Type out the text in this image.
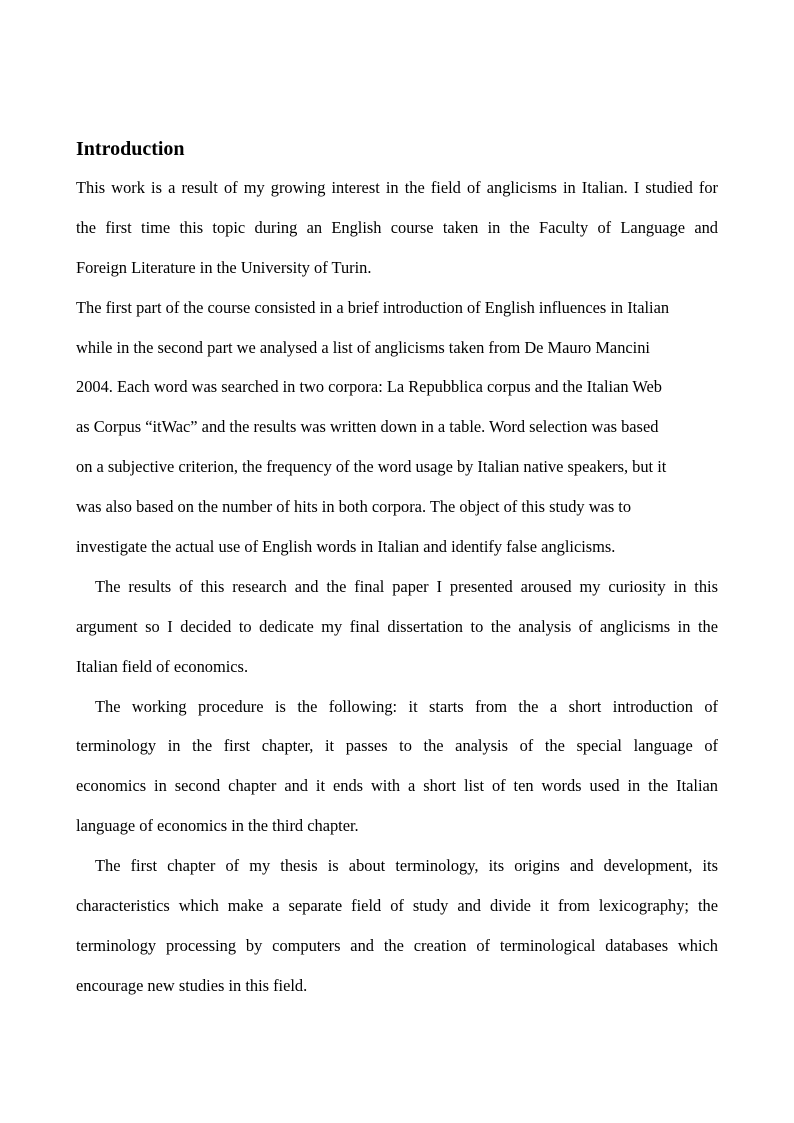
Introduction
This work is a result of my growing interest in the field of anglicisms in Italian. I studied for
the first time this topic during an English course taken in the Faculty of Language and
Foreign Literature in the University of Turin.
The first part of the course consisted in a brief introduction of English influences in Italian
while in the second part we analysed a list of anglicisms taken from De Mauro Mancini
2004. Each word was searched in two corpora: La Repubblica corpus and the Italian Web
as Corpus “itWac” and the results was written down in a table. Word selection was based
on a subjective criterion, the frequency of the word usage by Italian native speakers, but it
was also based on the number of hits in both corpora. The object of this study was to
investigate the actual use of English words in Italian and identify false anglicisms.
The results of this research and the final paper I presented aroused my curiosity in this
argument so I decided to dedicate my final dissertation to the analysis of anglicisms in the
Italian field of economics.
The working procedure is the following: it starts from the a short introduction of
terminology in the first chapter, it passes to the analysis of the special language of
economics in second chapter and it ends with a short list of ten words used in the Italian
language of economics in the third chapter.
The first chapter of my thesis is about terminology, its origins and development, its
characteristics which make a separate field of study and divide it from lexicography; the
terminology processing by computers and the creation of terminological databases which
encourage new studies in this field.
